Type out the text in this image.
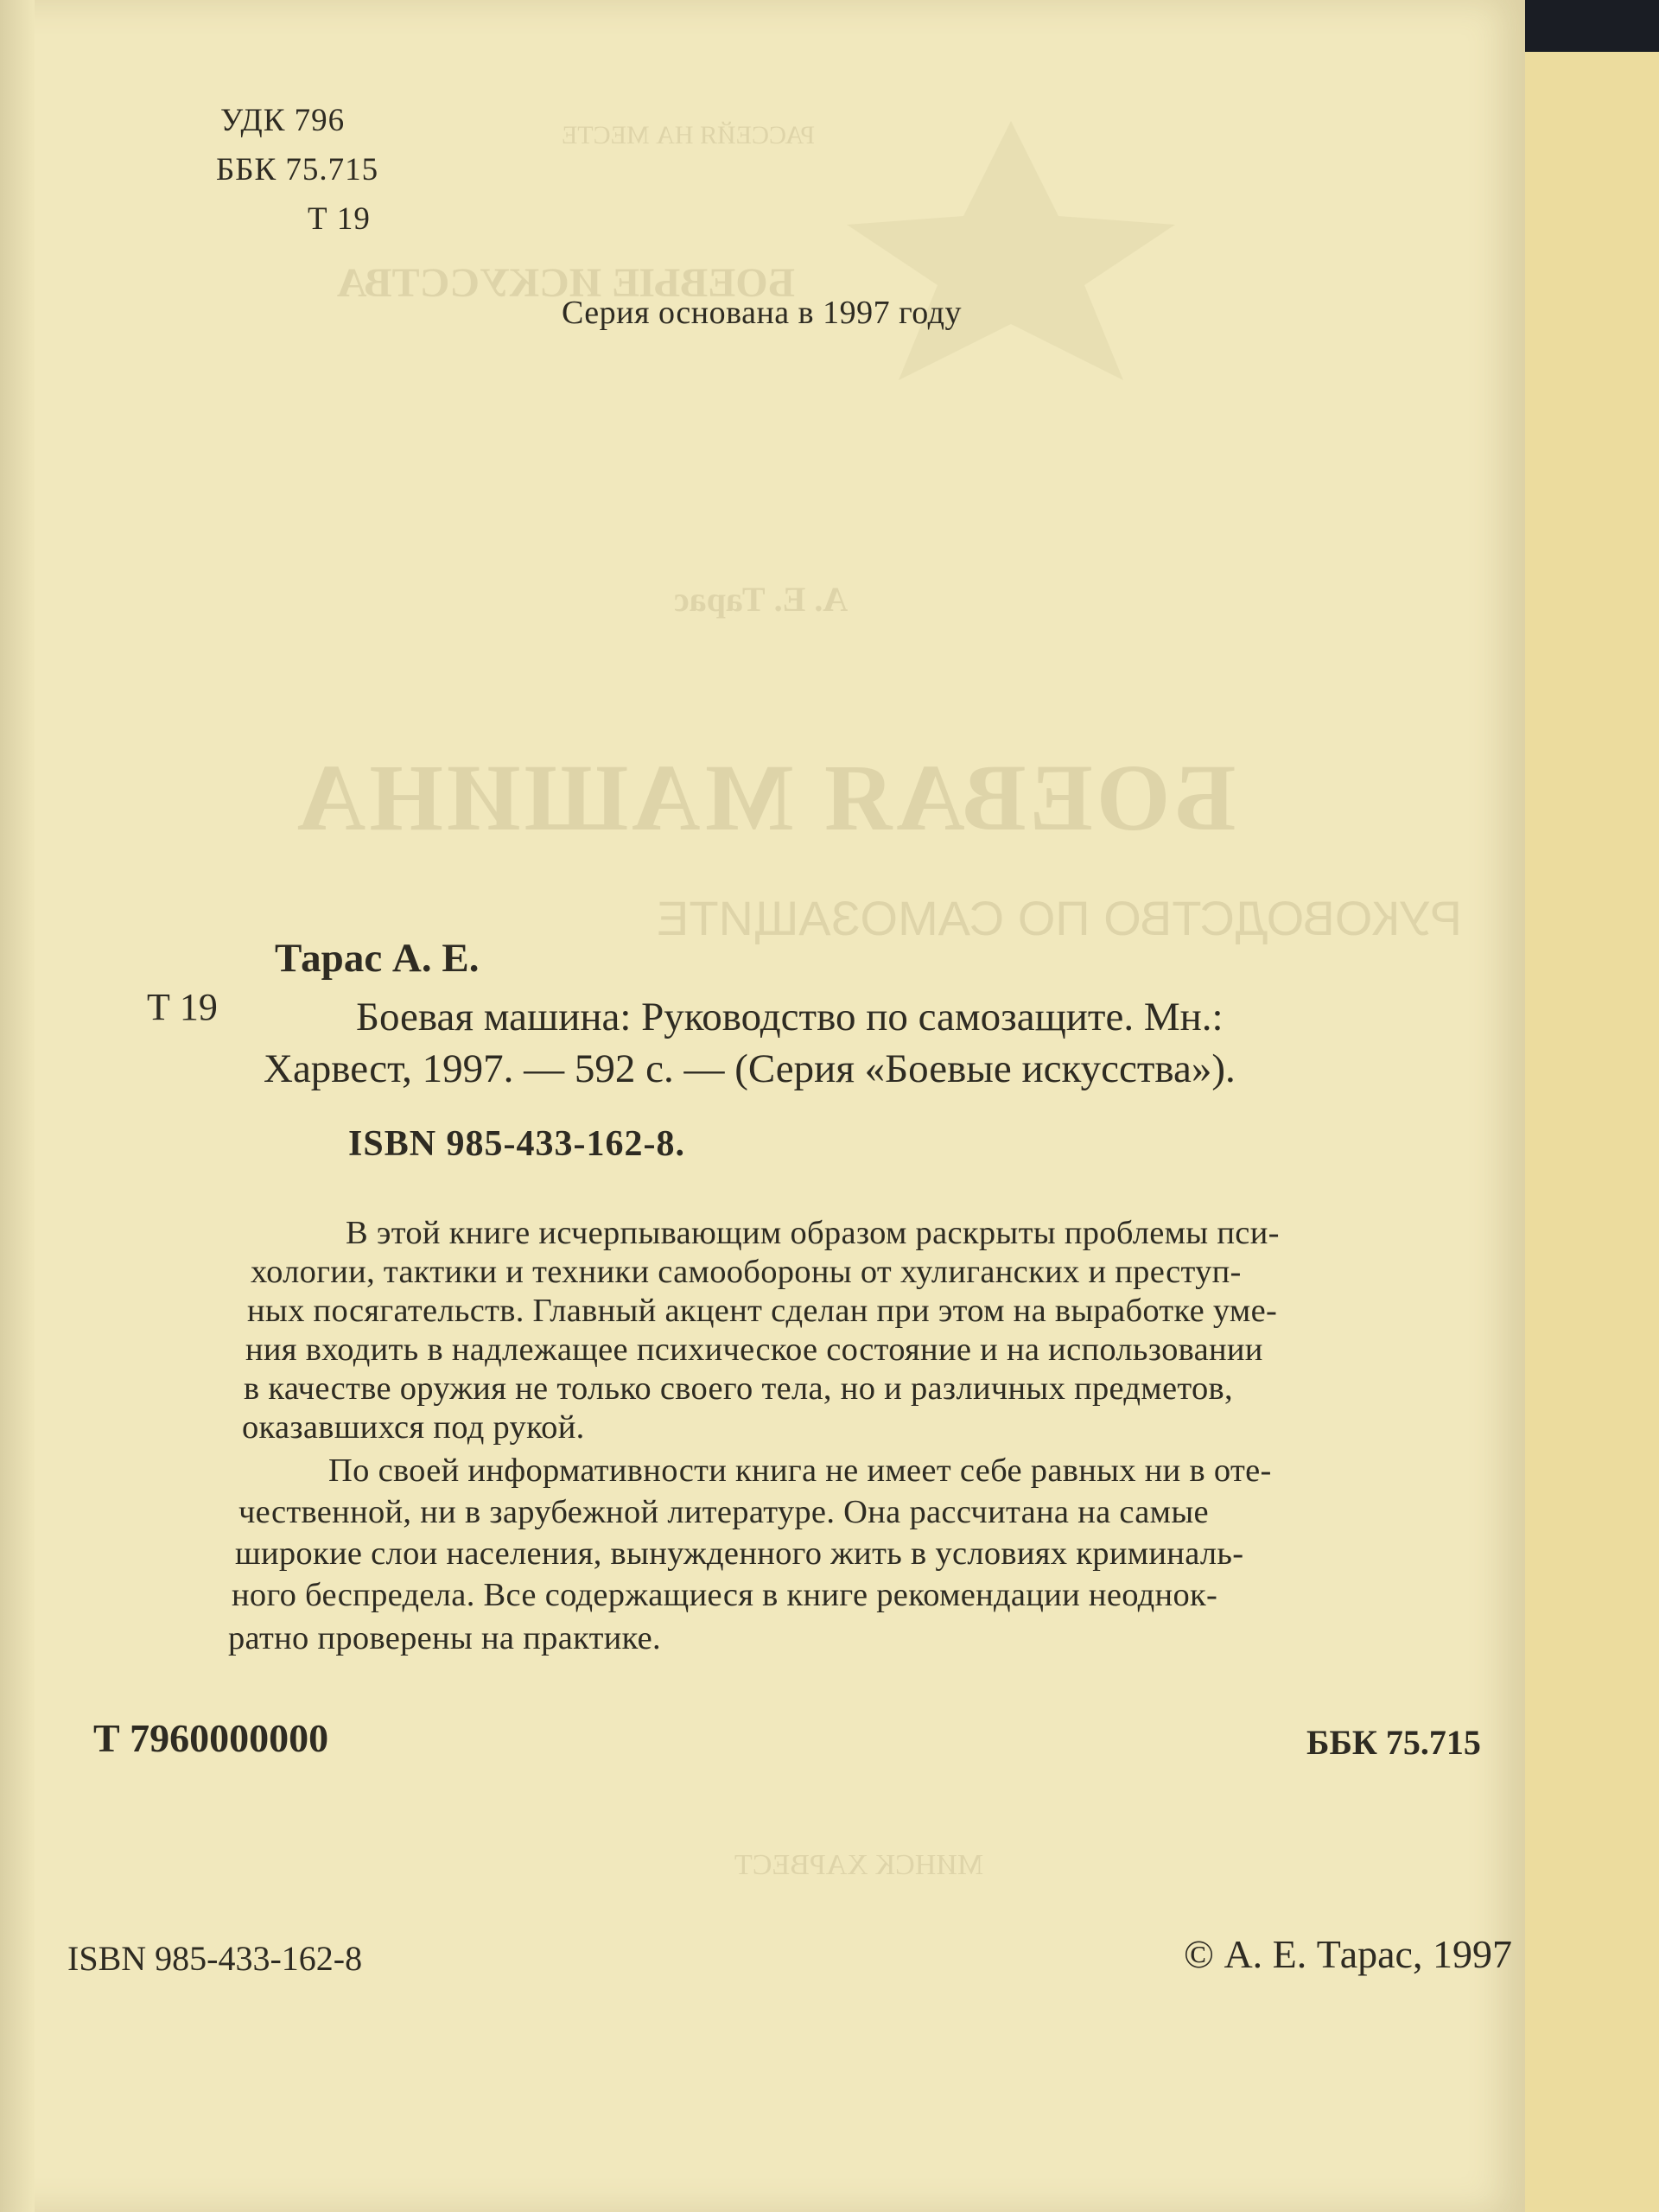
РАССЕЙЯ НА МЕСТЕ
БОЕВЫЕ ИСКУССТВА
А. Е. Тарас
БОЕВАЯ МАШИНА
РУКОВОДСТВО ПО САМОЗАЩИТЕ
МИНСК ХАРВЕСТ
УДК 796
ББК 75.715
Т 19
Серия основана в 1997 году
Тарас А. Е.
Т 19	Боевая машина: Руководство по самозащите. Мн.:
Харвест, 1997. — 592 с. — (Серия «Боевые искусства»).
ISBN 985-433-162-8.
В этой книге исчерпывающим образом раскрыты проблемы пси-
хологии, тактики и техники самообороны от хулиганских и преступ-
ных посягательств. Главный акцент сделан при этом на выработке уме-
ния входить в надлежащее психическое состояние и на использовании
в качестве оружия не только своего тела, но и различных предметов,
оказавшихся под рукой.
По своей информативности книга не имеет себе равных ни в оте-
чественной, ни в зарубежной литературе. Она рассчитана на самые
широкие слои населения, вынужденного жить в условиях криминаль-
ного беспредела. Все содержащиеся в книге рекомендации неоднок-
ратно проверены на практике.
Т 7960000000	ББК 75.715
ISBN 985-433-162-8	© А. Е. Тарас, 1997
